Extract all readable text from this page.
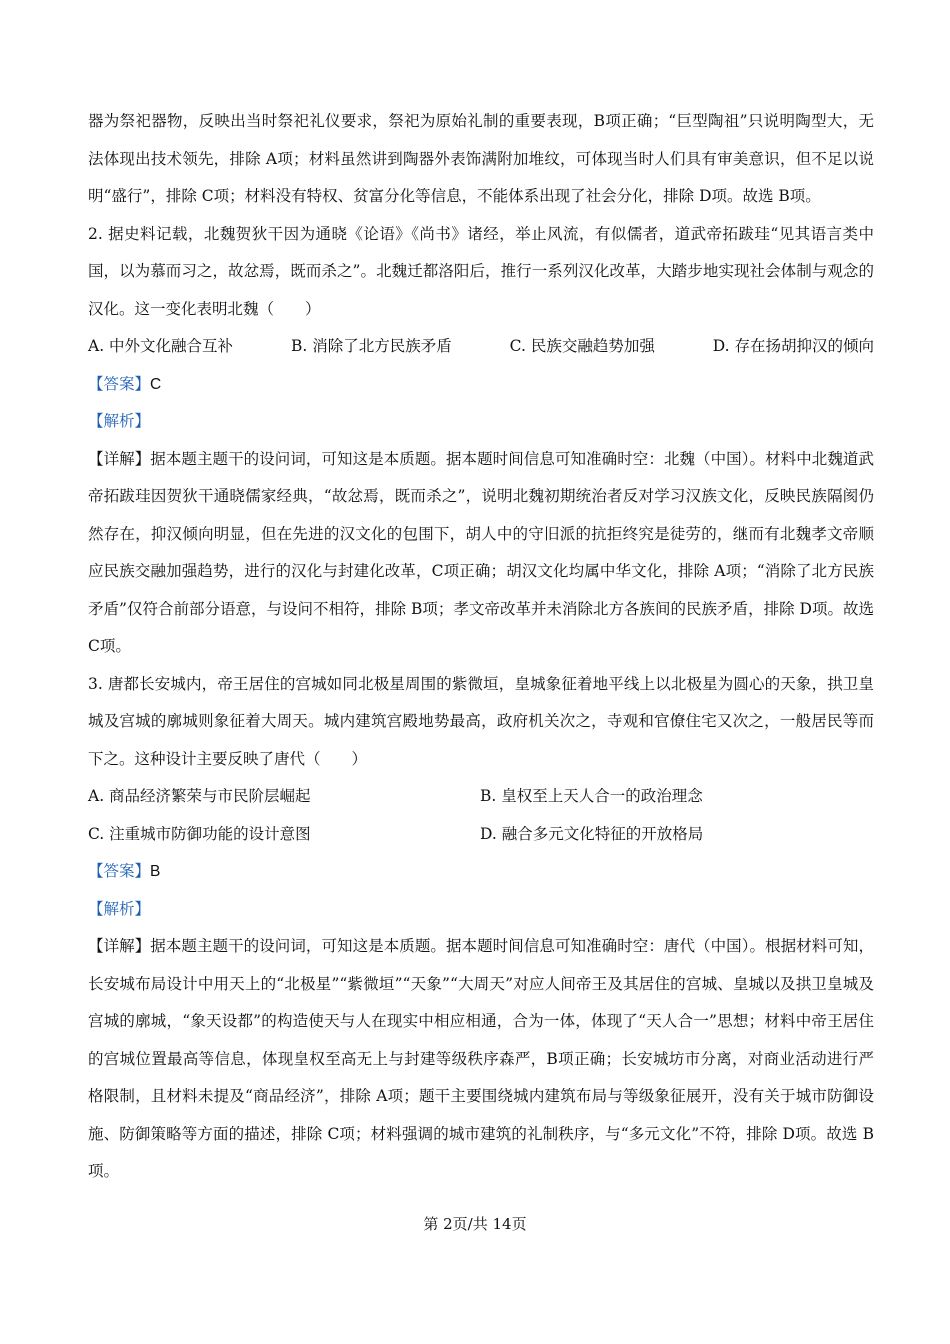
器为祭祀器物，反映出当时祭祀礼仪要求，祭祀为原始礼制的重要表现，B项正确；“巨型陶祖”只说明陶型大，无法体现出技术领先，排除 A项；材料虽然讲到陶器外表饰满附加堆纹，可体现当时人们具有审美意识，但不足以说明“盛行”，排除 C项；材料没有特权、贫富分化等信息，不能体系出现了社会分化，排除 D项。故选 B项。

2. 据史料记载，北魏贺狄干因为通晓《论语》《尚书》诸经，举止风流，有似儒者，道武帝拓跋珪“见其语言类中国，以为慕而习之，故忿焉，既而杀之”。北魏迁都洛阳后，推行一系列汉化改革，大踏步地实现社会体制与观念的汉化。这一变化表明北魏（　　）

A. 中外文化融合互补	B. 消除了北方民族矛盾	C. 民族交融趋势加强	D. 存在扬胡抑汉的倾向

【答案】C

【解析】

【详解】据本题主题干的设问词，可知这是本质题。据本题时间信息可知准确时空：北魏（中国）。材料中北魏道武帝拓跋珪因贺狄干通晓儒家经典，“故忿焉，既而杀之”，说明北魏初期统治者反对学习汉族文化，反映民族隔阂仍然存在，抑汉倾向明显，但在先进的汉文化的包围下，胡人中的守旧派的抗拒终究是徒劳的，继而有北魏孝文帝顺应民族交融加强趋势，进行的汉化与封建化改革，C项正确；胡汉文化均属中华文化，排除 A项；“消除了北方民族矛盾”仅符合前部分语意，与设问不相符，排除 B项；孝文帝改革并未消除北方各族间的民族矛盾，排除 D项。故选 C项。

3. 唐都长安城内，帝王居住的宫城如同北极星周围的紫微垣，皇城象征着地平线上以北极星为圆心的天象，拱卫皇城及宫城的廓城则象征着大周天。城内建筑宫殿地势最高，政府机关次之，寺观和官僚住宅又次之，一般居民等而下之。这种设计主要反映了唐代（　　）

A. 商品经济繁荣与市民阶层崛起	B. 皇权至上天人合一的政治理念
C. 注重城市防御功能的设计意图	D. 融合多元文化特征的开放格局

【答案】B

【解析】

【详解】据本题主题干的设问词，可知这是本质题。据本题时间信息可知准确时空：唐代（中国）。根据材料可知，长安城布局设计中用天上的“北极星”“紫微垣”“天象”“大周天”对应人间帝王及其居住的宫城、皇城以及拱卫皇城及宫城的廓城，“象天设都”的构造使天与人在现实中相应相通，合为一体，体现了“天人合一”思想；材料中帝王居住的宫城位置最高等信息，体现皇权至高无上与封建等级秩序森严，B项正确；长安城坊市分离，对商业活动进行严格限制，且材料未提及“商品经济”，排除 A项；题干主要围绕城内建筑布局与等级象征展开，没有关于城市防御设施、防御策略等方面的描述，排除 C项；材料强调的城市建筑的礼制秩序，与“多元文化”不符，排除 D项。故选 B项。

第 2页/共 14页
